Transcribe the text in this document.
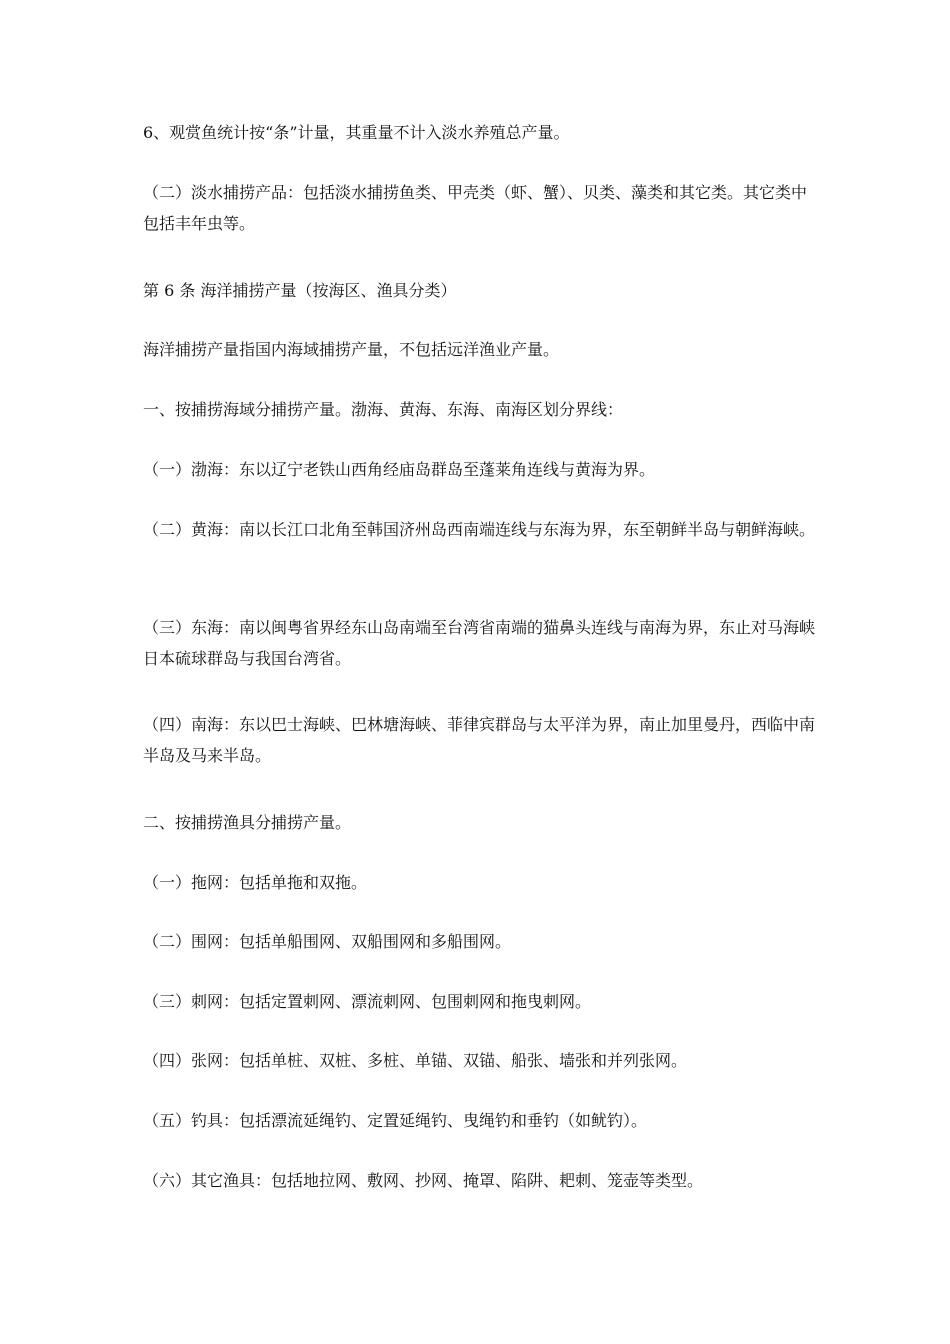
6、观赏鱼统计按“条”计量，其重量不计入淡水养殖总产量。

（二）淡水捕捞产品：包括淡水捕捞鱼类、甲壳类（虾、蟹）、贝类、藻类和其它类。其它类中包括丰年虫等。

第 6 条 海洋捕捞产量（按海区、渔具分类）

海洋捕捞产量指国内海域捕捞产量，不包括远洋渔业产量。

一、按捕捞海域分捕捞产量。渤海、黄海、东海、南海区划分界线：

（一）渤海：东以辽宁老铁山西角经庙岛群岛至蓬莱角连线与黄海为界。

（二）黄海：南以长江口北角至韩国济州岛西南端连线与东海为界，东至朝鲜半岛与朝鲜海峡。

（三）东海：南以闽粤省界经东山岛南端至台湾省南端的猫鼻头连线与南海为界，东止对马海峡日本硫球群岛与我国台湾省。

（四）南海：东以巴士海峡、巴林塘海峡、菲律宾群岛与太平洋为界，南止加里曼丹，西临中南半岛及马来半岛。

二、按捕捞渔具分捕捞产量。

（一）拖网：包括单拖和双拖。

（二）围网：包括单船围网、双船围网和多船围网。

（三）刺网：包括定置刺网、漂流刺网、包围刺网和拖曳刺网。

（四）张网：包括单桩、双桩、多桩、单锚、双锚、船张、墙张和并列张网。

（五）钓具：包括漂流延绳钓、定置延绳钓、曳绳钓和垂钓（如鱿钓）。

（六）其它渔具：包括地拉网、敷网、抄网、掩罩、陷阱、耙刺、笼壶等类型。
